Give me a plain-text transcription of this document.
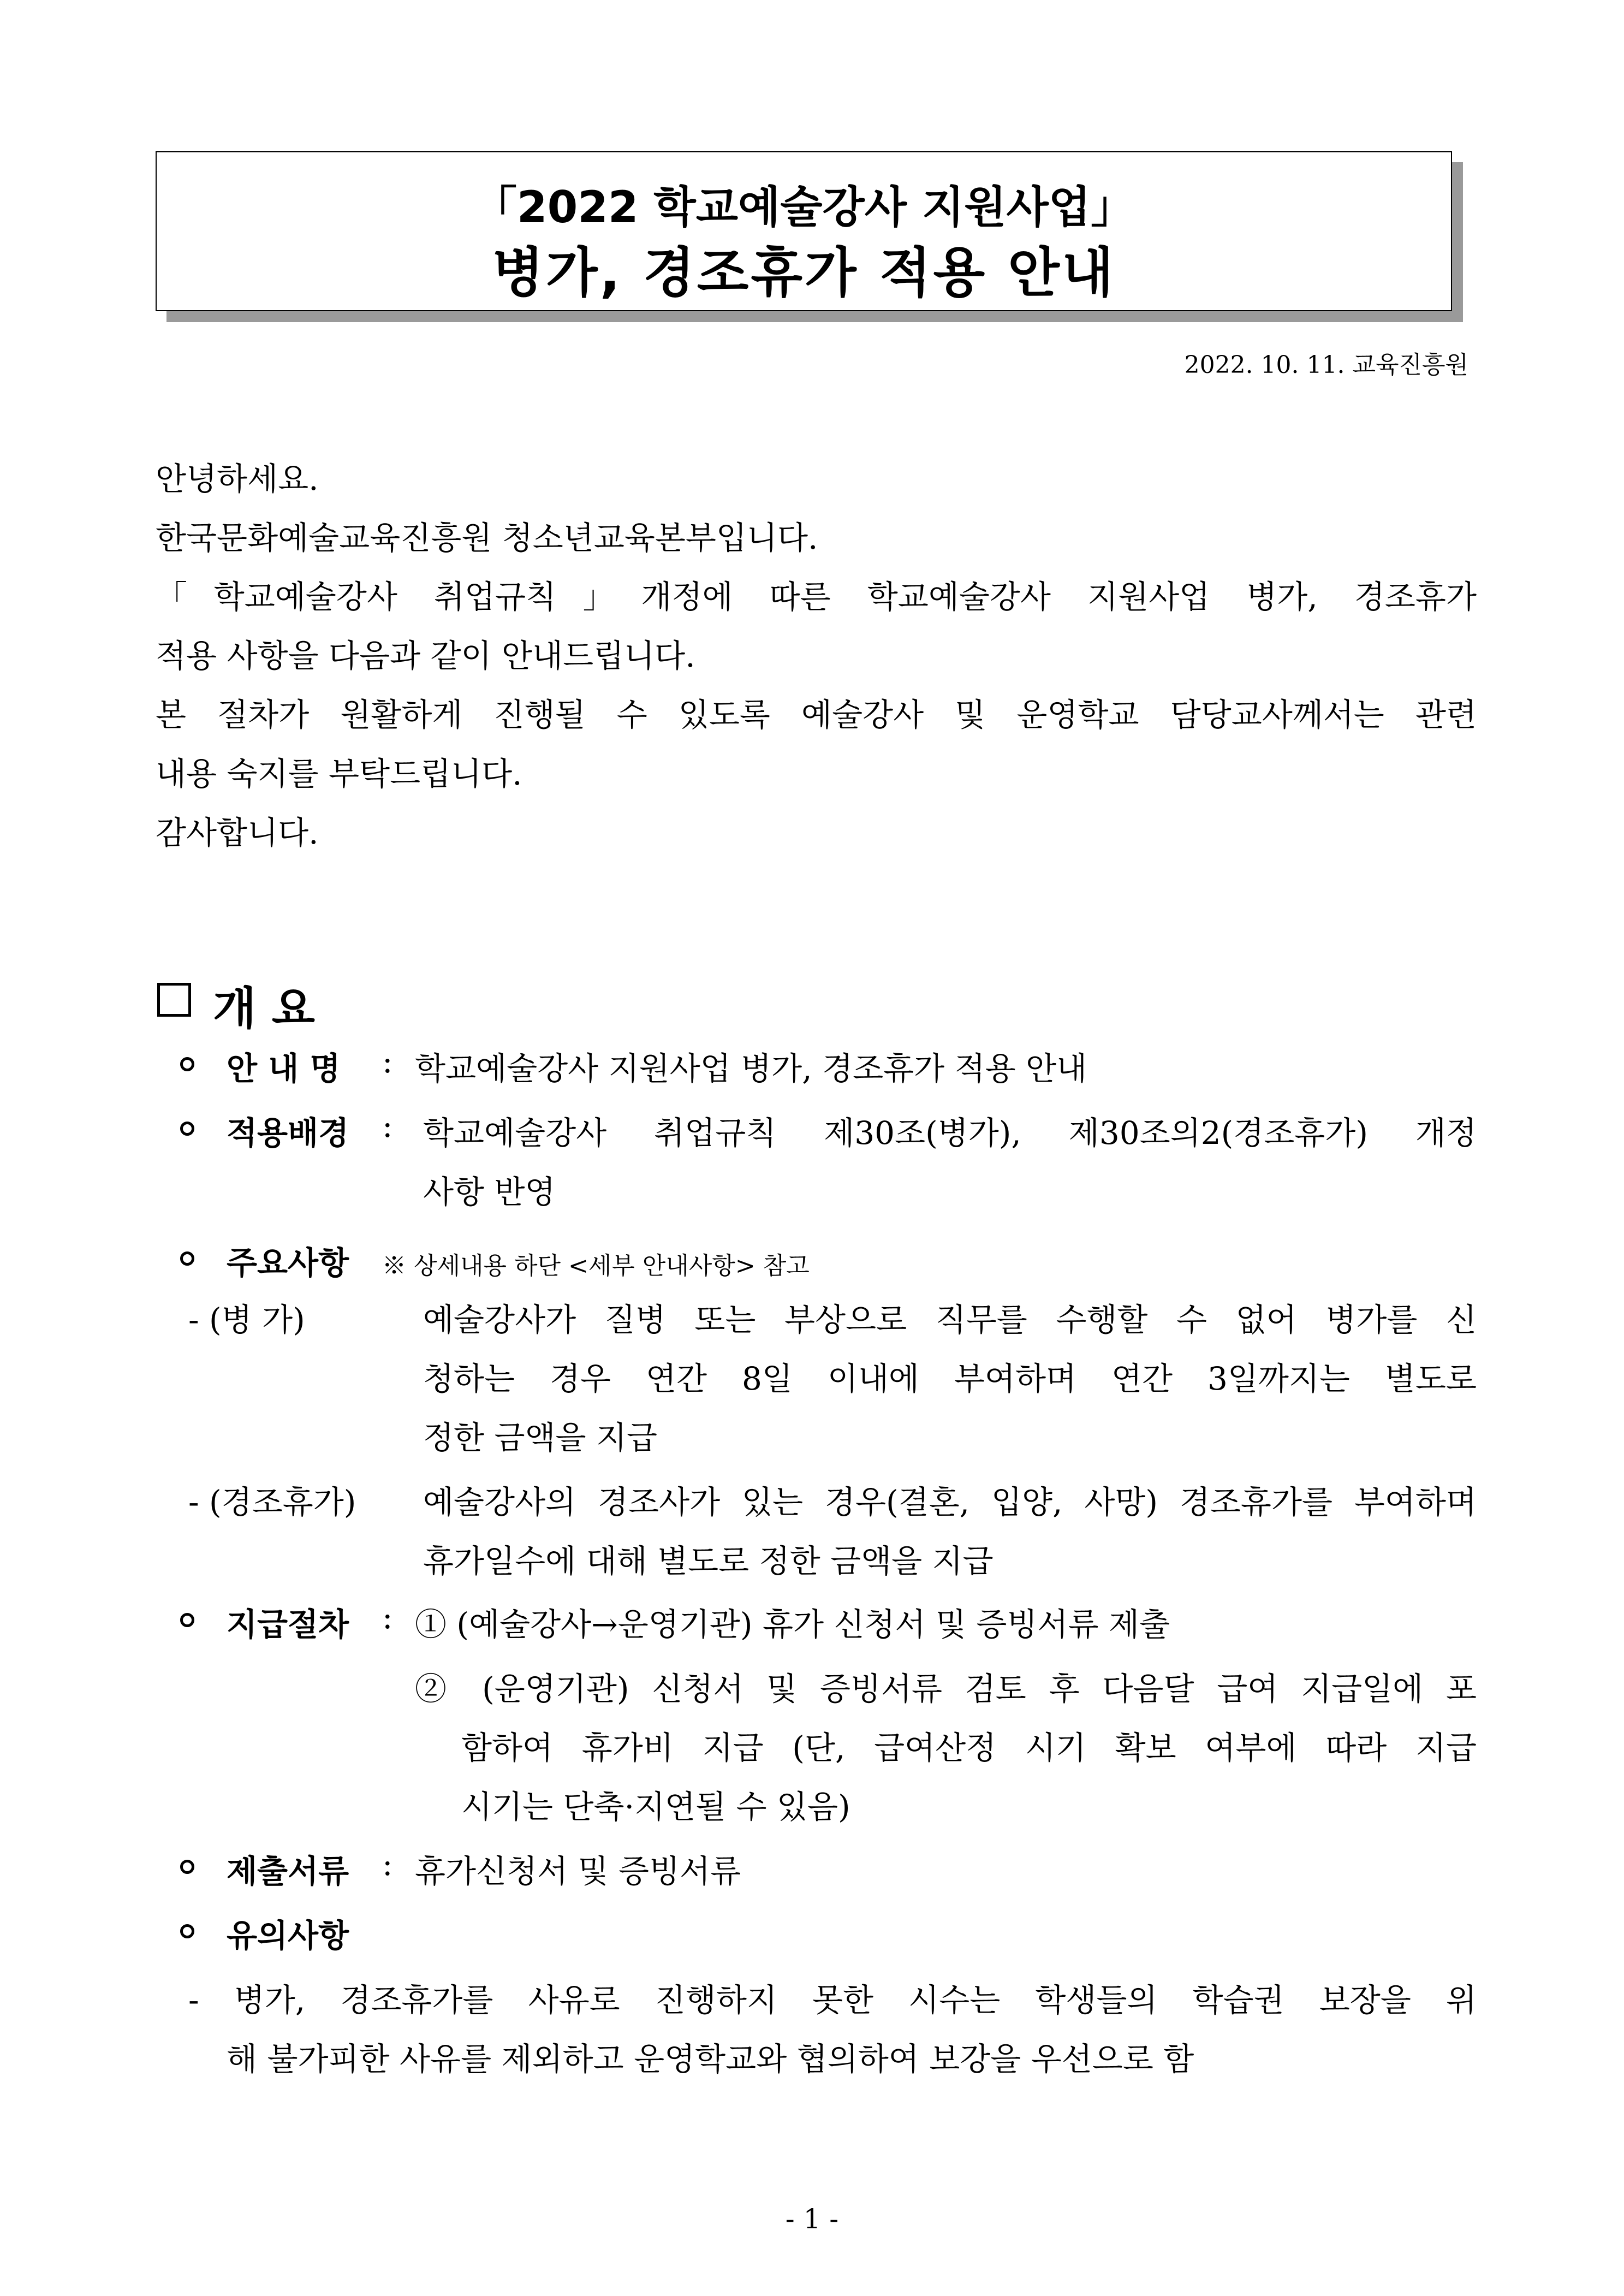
「2022 학교예술강사 지원사업」
병가, 경조휴가 적용 안내
2022. 10. 11. 교육진흥원
안녕하세요.
한국문화예술교육진흥원 청소년교육본부입니다.
「학교예술강사 취업규칙」개정에 따른 학교예술강사 지원사업 병가, 경조휴가
적용 사항을 다음과 같이 안내드립니다.
본 절차가 원활하게 진행될 수 있도록 예술강사 및 운영학교 담당교사께서는 관련
내용 숙지를 부탁드립니다.
감사합니다.
개 요
안 내 명 : 학교예술강사 지원사업 병가, 경조휴가 적용 안내
적용배경 : 학교예술강사 취업규칙 제30조(병가), 제30조의2(경조휴가) 개정
사항 반영
주요사항 ※ 상세내용 하단 <세부 안내사항> 참고
- (병 가)	예술강사가 질병 또는 부상으로 직무를 수행할 수 없어 병가를 신
청하는 경우 연간 8일 이내에 부여하며 연간 3일까지는 별도로
정한 금액을 지급
- (경조휴가) 예술강사의 경조사가 있는 경우(결혼, 입양, 사망) 경조휴가를 부여하며
휴가일수에 대해 별도로 정한 금액을 지급
지급절차 : ① (예술강사→운영기관) 휴가 신청서 및 증빙서류 제출
② (운영기관) 신청서 및 증빙서류 검토 후 다음달 급여 지급일에 포
함하여 휴가비 지급 (단, 급여산정 시기 확보 여부에 따라 지급
시기는 단축·지연될 수 있음)
제출서류 : 휴가신청서 및 증빙서류
유의사항
- 병가, 경조휴가를 사유로 진행하지 못한 시수는 학생들의 학습권 보장을 위
해 불가피한 사유를 제외하고 운영학교와 협의하여 보강을 우선으로 함
- 1 -
